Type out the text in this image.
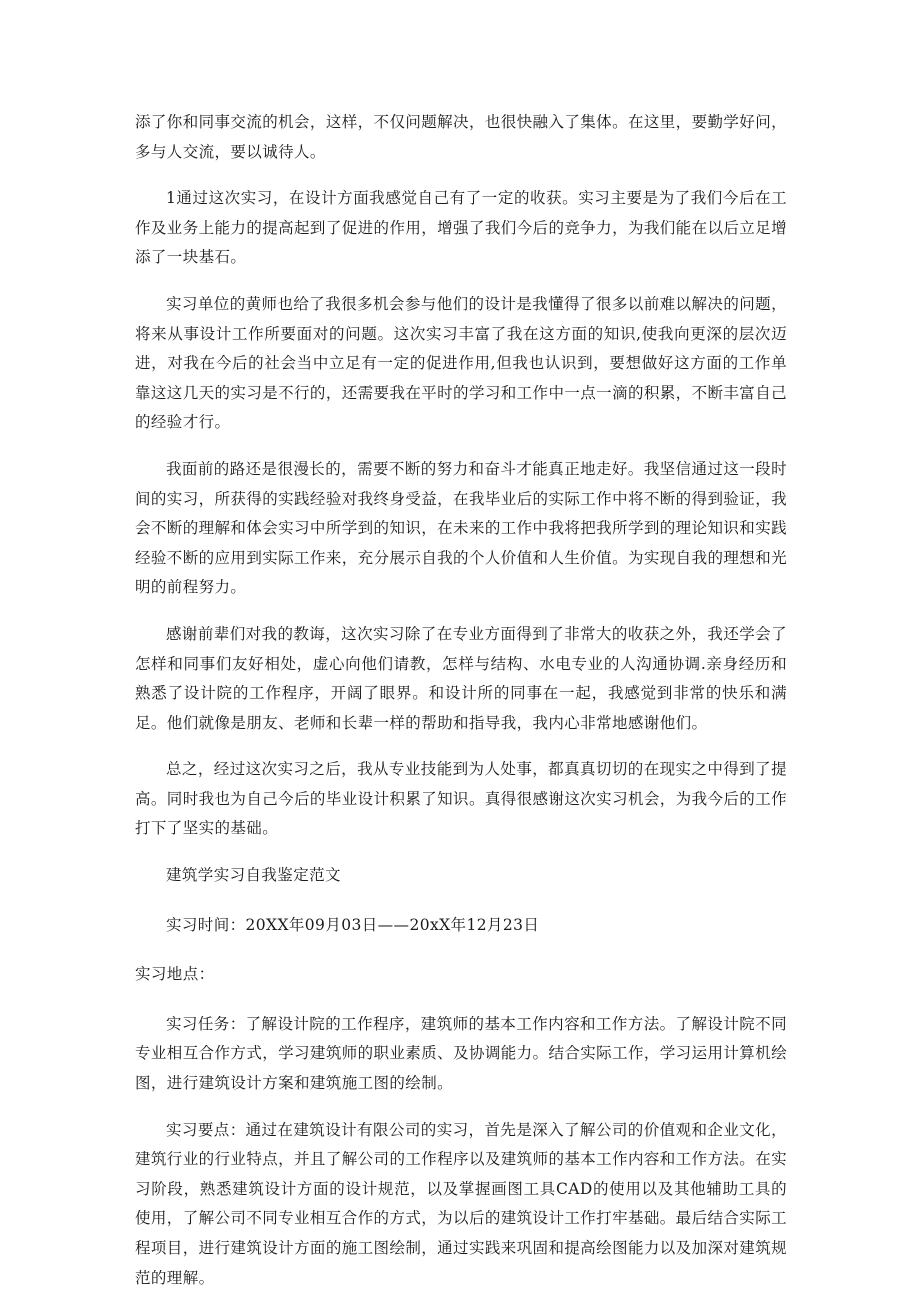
添了你和同事交流的机会，这样，不仅问题解决，也很快融入了集体。在这里，要勤学好问，多与人交流，要以诚待人。

1通过这次实习，在设计方面我感觉自己有了一定的收获。实习主要是为了我们今后在工作及业务上能力的提高起到了促进的作用，增强了我们今后的竞争力，为我们能在以后立足增添了一块基石。

实习单位的黄师也给了我很多机会参与他们的设计是我懂得了很多以前难以解决的问题，将来从事设计工作所要面对的问题。这次实习丰富了我在这方面的知识,使我向更深的层次迈进，对我在今后的社会当中立足有一定的促进作用,但我也认识到，要想做好这方面的工作单靠这这几天的实习是不行的，还需要我在平时的学习和工作中一点一滴的积累，不断丰富自己的经验才行。

我面前的路还是很漫长的，需要不断的努力和奋斗才能真正地走好。我坚信通过这一段时间的实习，所获得的实践经验对我终身受益，在我毕业后的实际工作中将不断的得到验证，我会不断的理解和体会实习中所学到的知识，在未来的工作中我将把我所学到的理论知识和实践经验不断的应用到实际工作来，充分展示自我的个人价值和人生价值。为实现自我的理想和光明的前程努力。

感谢前辈们对我的教诲，这次实习除了在专业方面得到了非常大的收获之外，我还学会了怎样和同事们友好相处，虚心向他们请教，怎样与结构、水电专业的人沟通协调.亲身经历和熟悉了设计院的工作程序，开阔了眼界。和设计所的同事在一起，我感觉到非常的快乐和满足。他们就像是朋友、老师和长辈一样的帮助和指导我，我内心非常地感谢他们。

总之，经过这次实习之后，我从专业技能到为人处事，都真真切切的在现实之中得到了提高。同时我也为自己今后的毕业设计积累了知识。真得很感谢这次实习机会，为我今后的工作打下了坚实的基础。

建筑学实习自我鉴定范文

实习时间：20XX年09月03日——20xX年12月23日

实习地点：

实习任务：了解设计院的工作程序，建筑师的基本工作内容和工作方法。了解设计院不同专业相互合作方式，学习建筑师的职业素质、及协调能力。结合实际工作，学习运用计算机绘图，进行建筑设计方案和建筑施工图的绘制。

实习要点：通过在建筑设计有限公司的实习，首先是深入了解公司的价值观和企业文化，建筑行业的行业特点，并且了解公司的工作程序以及建筑师的基本工作内容和工作方法。在实习阶段，熟悉建筑设计方面的设计规范，以及掌握画图工具CAD的使用以及其他辅助工具的使用，了解公司不同专业相互合作的方式，为以后的建筑设计工作打牢基础。最后结合实际工程项目，进行建筑设计方面的施工图绘制，通过实践来巩固和提高绘图能力以及加深对建筑规范的理解。
